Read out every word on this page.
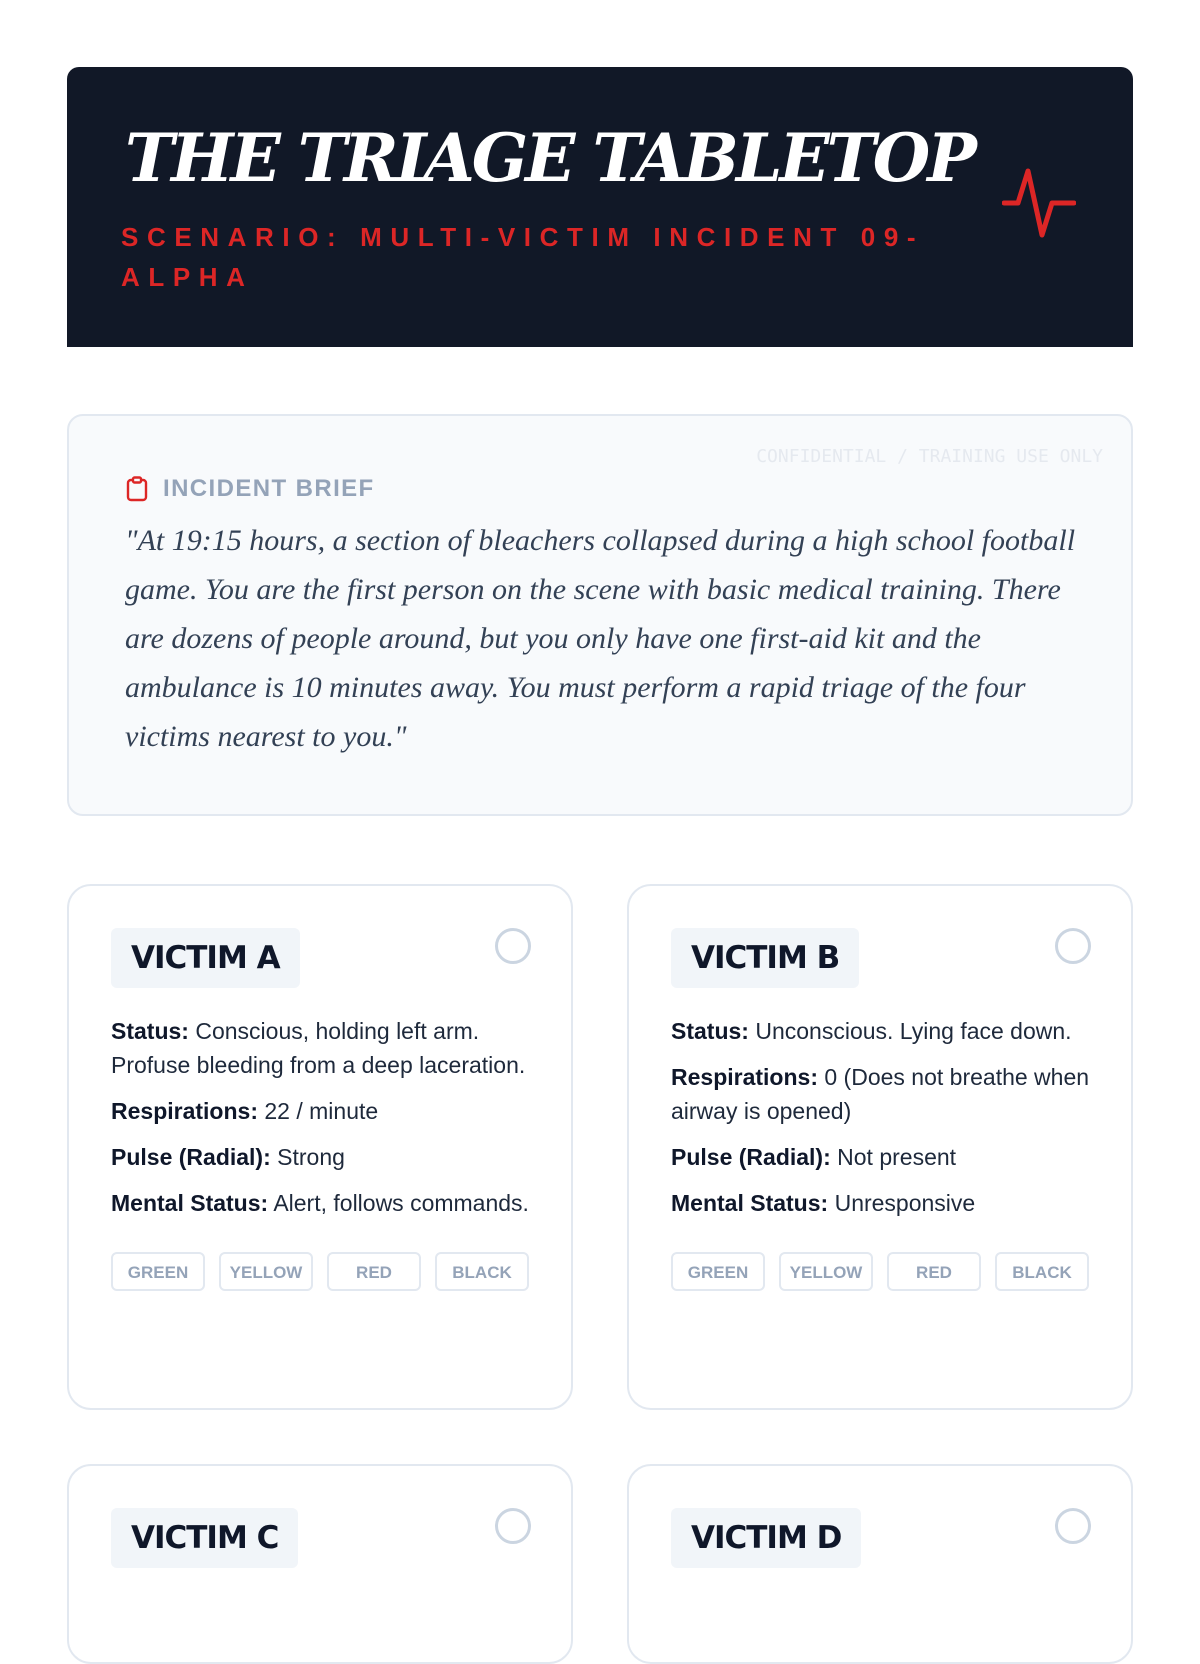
THE TRIAGE TABLETOP

SCENARIO: MULTI-VICTIM INCIDENT 09-ALPHA

CONFIDENTIAL / TRAINING USE ONLY
INCIDENT BRIEF

"At 19:15 hours, a section of bleachers collapsed during a high school football game. You are the first person on the scene with basic medical training. There are dozens of people around, but you only have one first-aid kit and the ambulance is 10 minutes away. You must perform a rapid triage of the four victims nearest to you."

VICTIM A

Status: Conscious, holding left arm. Profuse bleeding from a deep laceration.

Respirations: 22 / minute

Pulse (Radial): Strong

Mental Status: Alert, follows commands.

GREEN	YELLOW	RED	BLACK
VICTIM B

Status: Unconscious. Lying face down.

Respirations: 0 (Does not breathe when airway is opened)

Pulse (Radial): Not present

Mental Status: Unresponsive

GREEN	YELLOW	RED	BLACK
VICTIM C	VICTIM D
